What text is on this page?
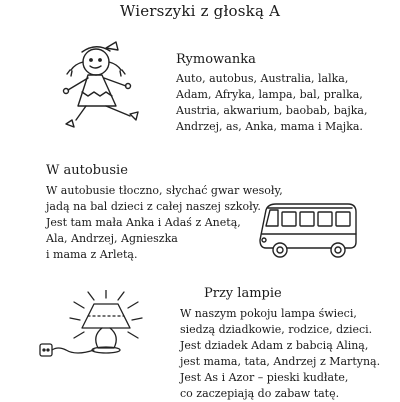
Wierszyki z głoską A
Rymowanka
Auto, autobus, Australia, lalka,
Adam, Afryka, lampa, bal, pralka,
Austria, akwarium, baobab, bajka,
Andrzej, as, Anka, mama i Majka.
W autobusie
W autobusie tłoczno, słychać gwar wesoły,
jadą na bal dzieci z całej naszej szkoły.
Jest tam mała Anka i Adaś z Anetą,
Ala, Andrzej, Agnieszka
i mama z Arletą.
Przy lampie
W naszym pokoju lampa świeci,
siedzą dziadkowie, rodzice, dzieci.
Jest dziadek Adam z babcią Aliną,
jest mama, tata, Andrzej z Martyną.
Jest As i Azor – pieski kudłate,
co zaczepiają do zabaw tatę.
